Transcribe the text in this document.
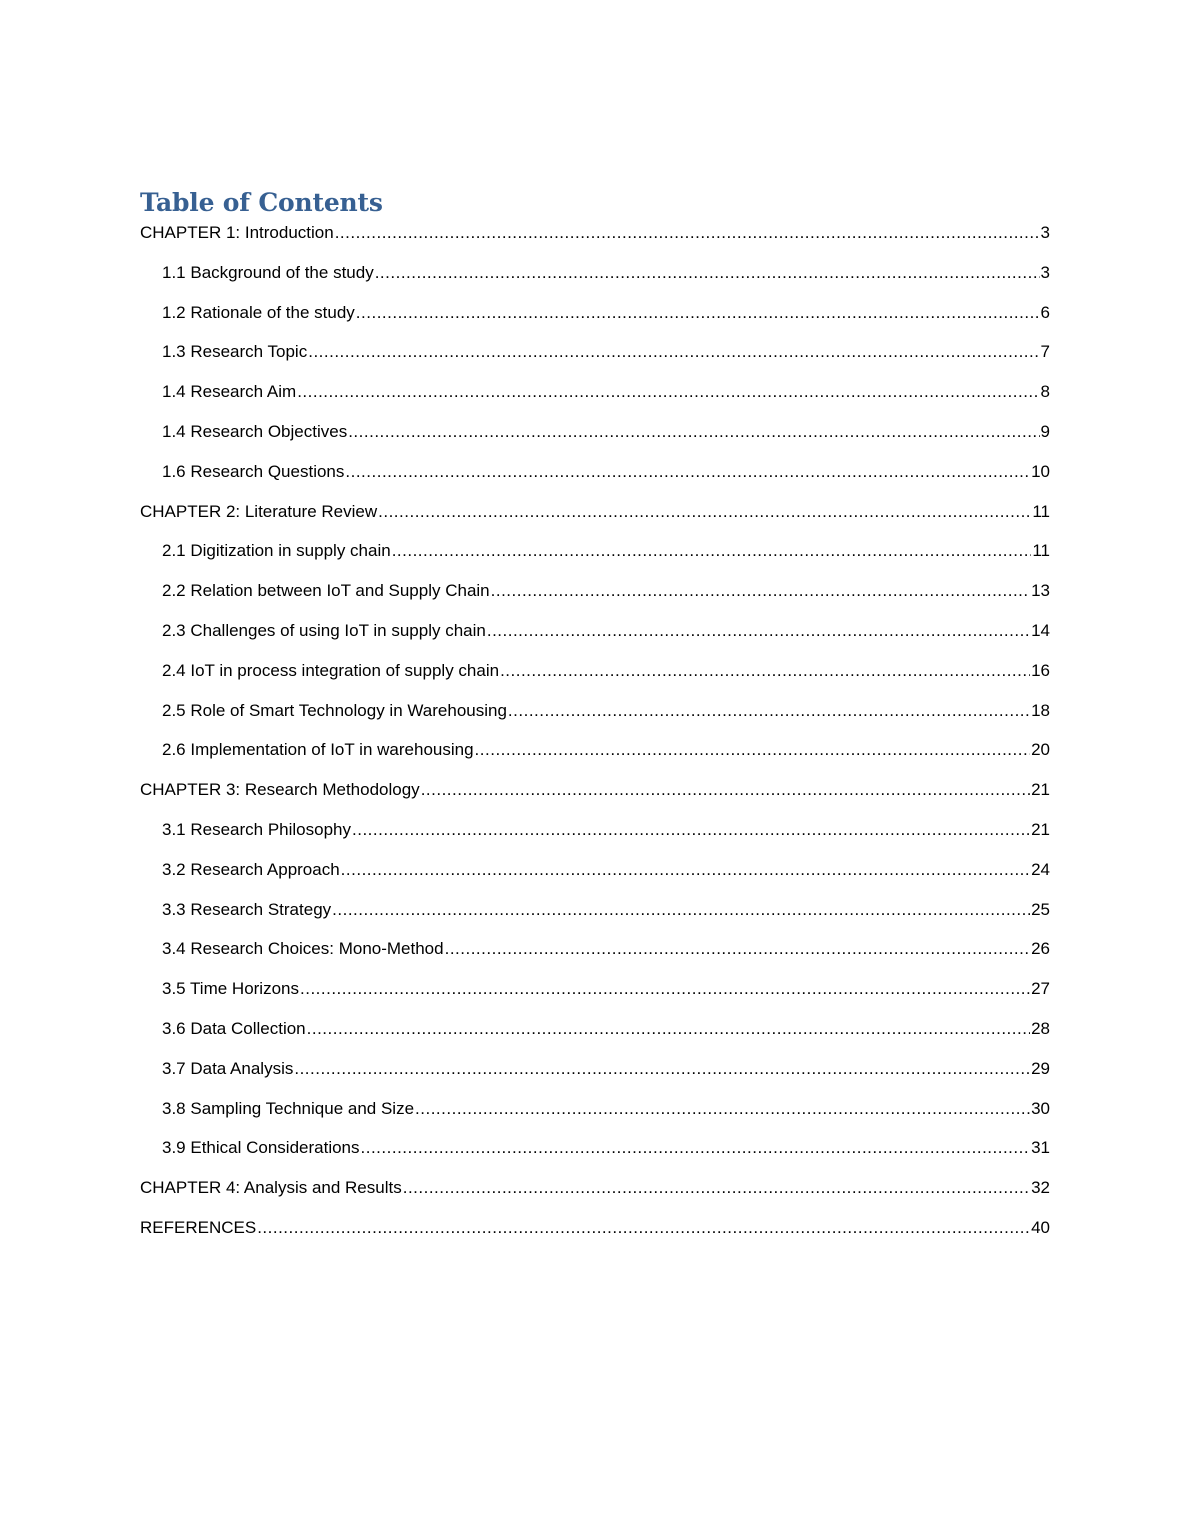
Table of Contents
CHAPTER 1: Introduction .....	3
1.1 Background of the study .....	3
1.2 Rationale of the study .....	6
1.3 Research Topic .....	7
1.4 Research Aim .....	8
1.4 Research Objectives .....	9
1.6 Research Questions .....	10
CHAPTER 2: Literature Review .....	11
2.1 Digitization in supply chain .....	11
2.2 Relation between IoT and Supply Chain .....	13
2.3 Challenges of using IoT in supply chain .....	14
2.4 IoT in process integration of supply chain .....	16
2.5 Role of Smart Technology in Warehousing .....	18
2.6 Implementation of IoT in warehousing .....	20
CHAPTER 3: Research Methodology .....	21
3.1 Research Philosophy .....	21
3.2 Research Approach .....	24
3.3 Research Strategy .....	25
3.4 Research Choices: Mono-Method .....	26
3.5 Time Horizons .....	27
3.6 Data Collection .....	28
3.7 Data Analysis .....	29
3.8 Sampling Technique and Size .....	30
3.9 Ethical Considerations .....	31
CHAPTER 4: Analysis and Results .....	32
REFERENCES .....	40
